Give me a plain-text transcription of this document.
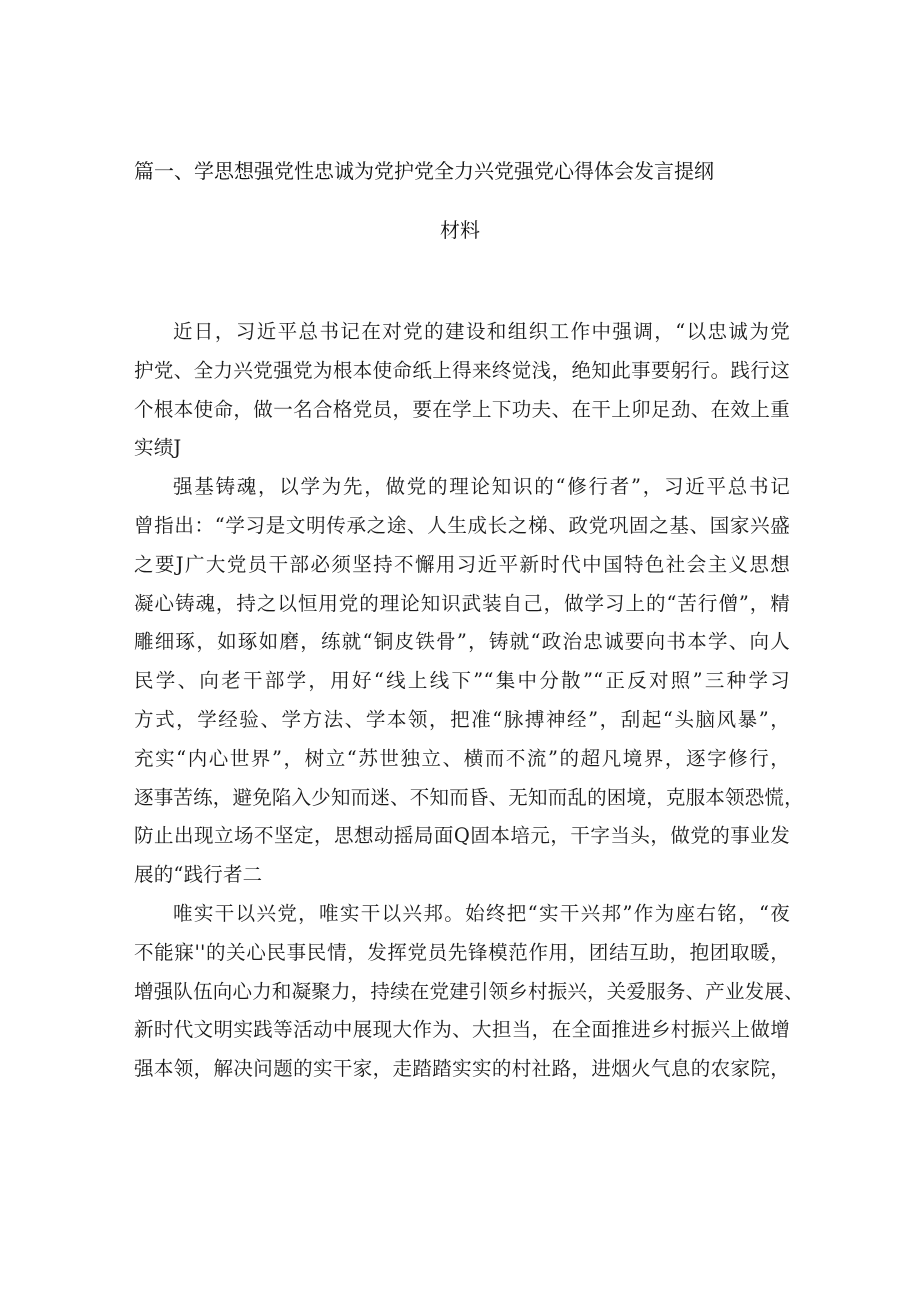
篇一、学思想强党性忠诚为党护党全力兴党强党心得体会发言提纲
材料
近日，习近平总书记在对党的建设和组织工作中强调，“以忠诚为党
护党、全力兴党强党为根本使命纸上得来终觉浅，绝知此事要躬行。践行这
个根本使命，做一名合格党员，要在学上下功夫、在干上卯足劲、在效上重
实绩J
强基铸魂，以学为先，做党的理论知识的“修行者”，习近平总书记
曾指出：“学习是文明传承之途、人生成长之梯、政党巩固之基、国家兴盛
之要J广大党员干部必须坚持不懈用习近平新时代中国特色社会主义思想
凝心铸魂，持之以恒用党的理论知识武装自己，做学习上的“苦行僧”，精
雕细琢，如琢如磨，练就“铜皮铁骨”，铸就“政治忠诚要向书本学、向人
民学、向老干部学，用好“线上线下”“集中分散”“正反对照”三种学习
方式，学经验、学方法、学本领，把准“脉搏神经”，刮起“头脑风暴”，
充实“内心世界”，树立“苏世独立、横而不流”的超凡境界，逐字修行，
逐事苦练，避免陷入少知而迷、不知而昏、无知而乱的困境，克服本领恐慌，
防止出现立场不坚定，思想动摇局面Q固本培元，干字当头，做党的事业发
展的“践行者二
唯实干以兴党，唯实干以兴邦。始终把“实干兴邦”作为座右铭，“夜
不能寐''的关心民事民情，发挥党员先锋模范作用，团结互助，抱团取暖，
增强队伍向心力和凝聚力，持续在党建引领乡村振兴，关爱服务、产业发展、
新时代文明实践等活动中展现大作为、大担当，在全面推进乡村振兴上做增
强本领，解决问题的实干家，走踏踏实实的村社路，进烟火气息的农家院，
